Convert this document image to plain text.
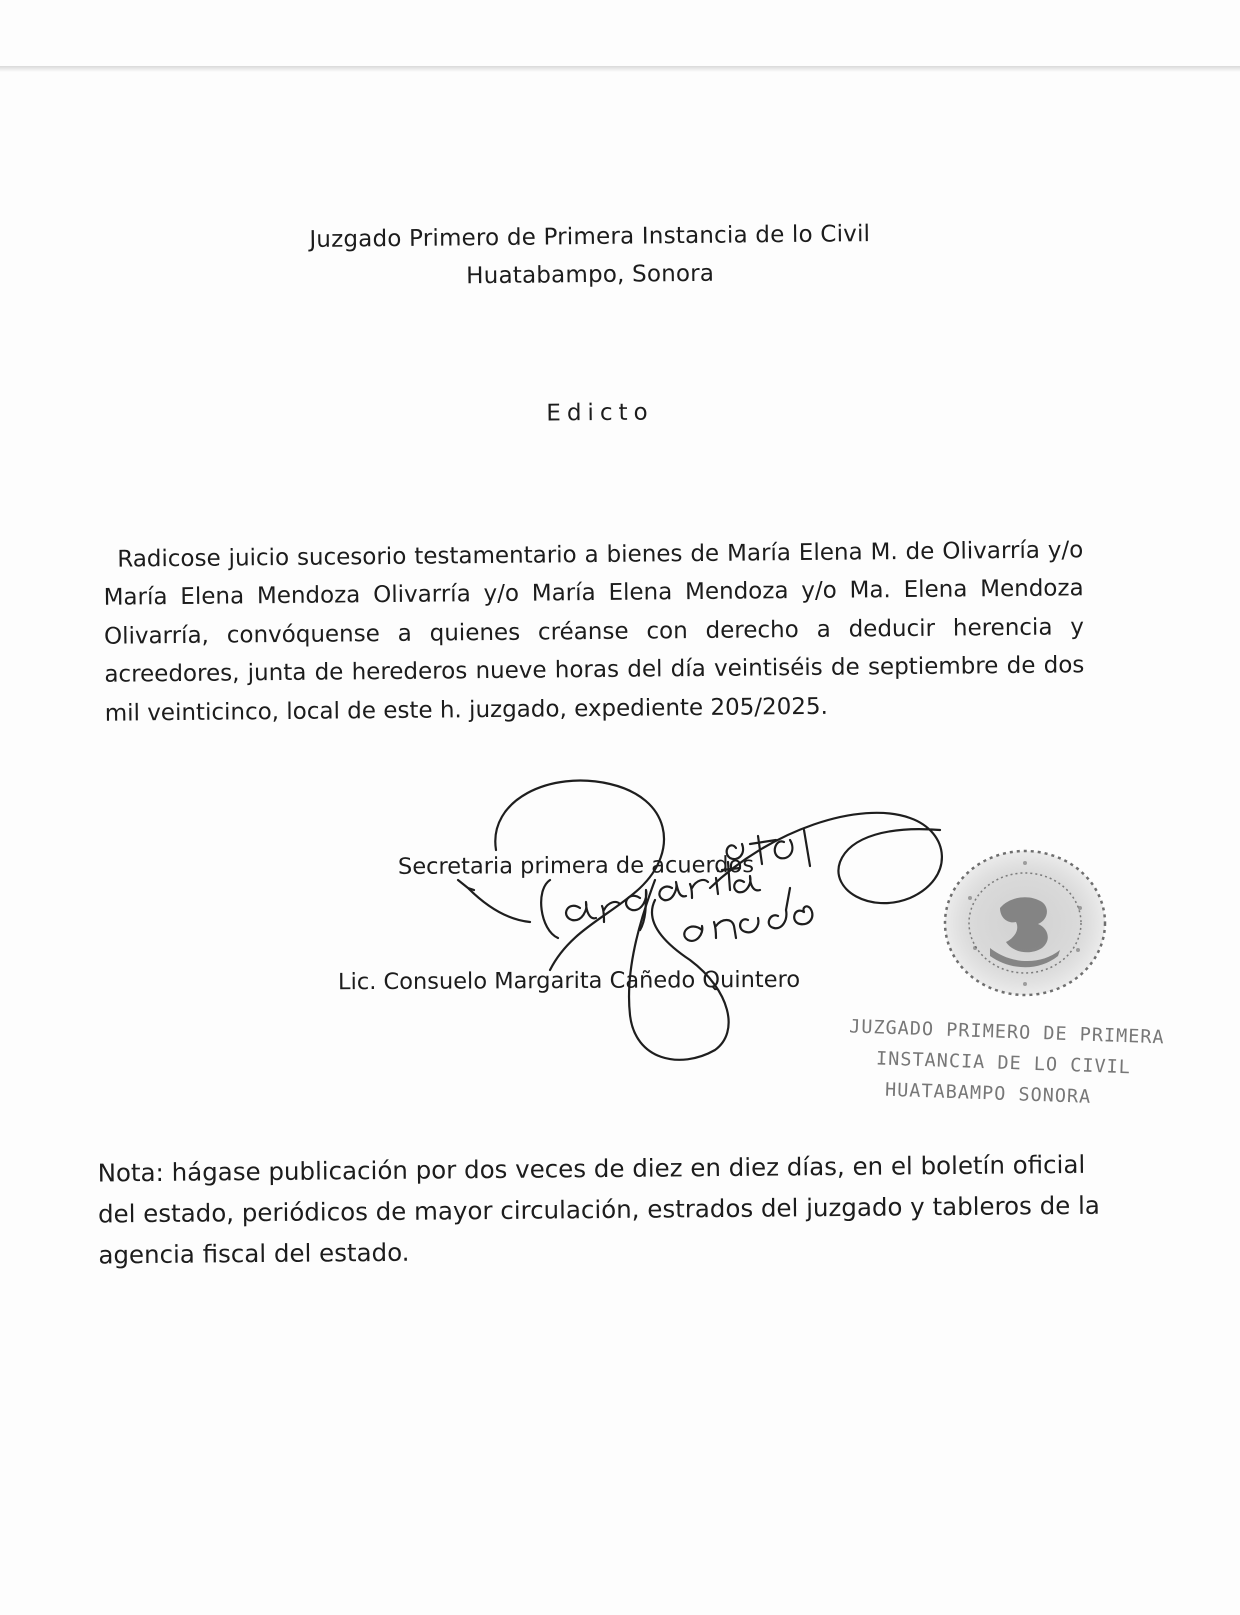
Juzgado Primero de Primera Instancia de lo Civil
Huatabampo, Sonora
Edicto
Radicose juicio sucesorio testamentario a bienes de María Elena M. de Olivarría y/o María Elena Mendoza Olivarría y/o María Elena Mendoza y/o Ma. Elena Mendoza Olivarría, convóquense a quienes créanse con derecho a deducir herencia y acreedores, junta de herederos nueve horas del día veintiséis de septiembre de dos mil veinticinco, local de este h. juzgado, expediente 205/2025.
Secretaria primera de acuerdos
Lic. Consuelo Margarita Cañedo Quintero
JUZGADO PRIMERO DE PRIMERA
INSTANCIA DE LO CIVIL
HUATABAMPO SONORA
Nota: hágase publicación por dos veces de diez en diez días, en el boletín oficial del estado, periódicos de mayor circulación, estrados del juzgado y tableros de la agencia fiscal del estado.
